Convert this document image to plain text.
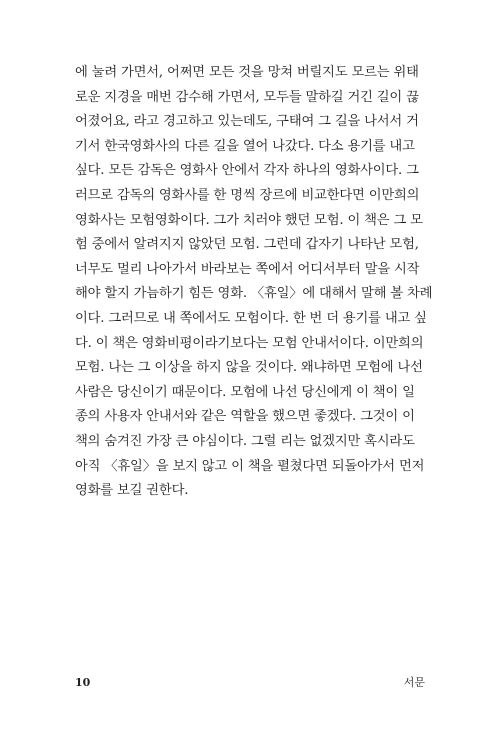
에 눌려 가면서, 어쩌면 모든 것을 망쳐 버릴지도 모르는 위태
로운 지경을 매번 감수해 가면서, 모두들 말하길 거긴 길이 끊
어졌어요, 라고 경고하고 있는데도, 구태여 그 길을 나서서 거
기서 한국영화사의 다른 길을 열어 나갔다. 다소 용기를 내고
싶다. 모든 감독은 영화사 안에서 각자 하나의 영화사이다. 그
러므로 감독의 영화사를 한 명씩 장르에 비교한다면 이만희의
영화사는 모험영화이다. 그가 치러야 했던 모험. 이 책은 그 모
험 중에서 알려지지 않았던 모험. 그런데 갑자기 나타난 모험,
너무도 멀리 나아가서 바라보는 쪽에서 어디서부터 말을 시작
해야 할지 가늠하기 힘든 영화. 〈휴일〉에 대해서 말해 볼 차례
이다. 그러므로 내 쪽에서도 모험이다. 한 번 더 용기를 내고 싶
다. 이 책은 영화비평이라기보다는 모험 안내서이다. 이만희의
모험. 나는 그 이상을 하지 않을 것이다. 왜냐하면 모험에 나선
사람은 당신이기 때문이다. 모험에 나선 당신에게 이 책이 일
종의 사용자 안내서와 같은 역할을 했으면 좋겠다. 그것이 이
책의 숨겨진 가장 큰 야심이다. 그럴 리는 없겠지만 혹시라도
아직 〈휴일〉을 보지 않고 이 책을 펼쳤다면 되돌아가서 먼저
영화를 보길 권한다.
10	서문
